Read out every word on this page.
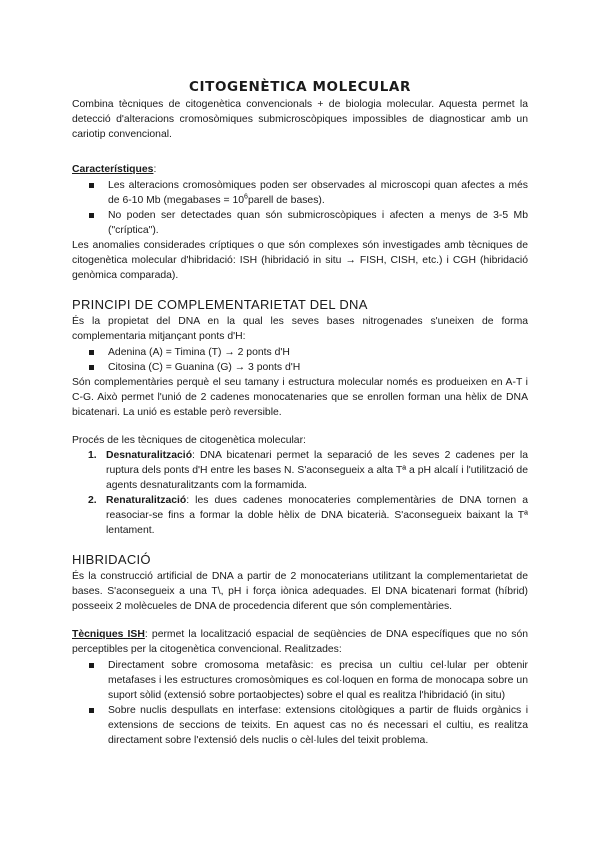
CITOGENÈTICA MOLECULAR

Combina tècniques de citogenètica convencionals + de biologia molecular. Aquesta permet la detecció d'alteracions cromosòmiques submicroscòpiques impossibles de diagnosticar amb un cariotip convencional.

Característiques:

Les alteracions cromosòmiques poden ser observades al microscopi quan afectes a més de 6-10 Mb (megabases = $10^6parell$ de bases).
No poden ser detectades quan són submicroscòpiques i afecten a menys de 3-5 Mb ("críptica").

Les anomalies considerades críptiques o que són complexes són investigades amb tècniques de citogenètica molecular d'hibridació: ISH (hibridació in situ → FISH, CISH, etc.) i CGH (hibridació genòmica comparada).

PRINCIPI DE COMPLEMENTARIETAT DEL DNA

És la propietat del DNA en la qual les seves bases nitrogenades s'uneixen de forma complementaria mitjançant ponts d'H:

Adenina (A) = Timina (T) → 2 ponts d'H
Citosina (C) = Guanina (G) → 3 ponts d'H

Són complementàries perquè el seu tamany i estructura molecular només es produeixen en A-T i C-G. Això permet l'unió de 2 cadenes monocatenaries que se enrollen forman una hèlix de DNA bicatenari. La unió es estable però reversible.

Procés de les tècniques de citogenètica molecular:

1. Desnaturalització: DNA bicatenari permet la separació de les seves 2 cadenes per la ruptura dels ponts d'H entre les bases N. S'aconsegueix a alta Tª a pH alcalí i l'utilització de agents desnaturalitzants com la formamida.
2. Renaturalització: les dues cadenes monocateries complementàries de DNA tornen a reasociar-se fins a formar la doble hèlix de DNA bicaterià. S'aconsegueix baixant la Tª lentament.
HIBRIDACIÓ

És la construcció artificial de DNA a partir de 2 monocaterians utilitzant la complementarietat de bases. S'aconsegueix a una T\, pH i força iònica adequades. El DNA bicatenari format (híbrid) posseeix 2 molècueles de DNA de procedencia diferent que són complementàries.

Tècniques ISH: permet la localització espacial de seqüències de DNA específiques que no són perceptibles per la citogenètica convencional. Realitzades:

Directament sobre cromosoma metafàsic: es precisa un cultiu cel·lular per obtenir metafases i les estructures cromosòmiques es col·loquen en forma de monocapa sobre un suport sòlid (extensió sobre portaobjectes) sobre el qual es realitza l'hibridació (in situ)
Sobre nuclis despullats en interfase: extensions citològiques a partir de fluids orgànics i extensions de seccions de teixits. En aquest cas no és necessari el cultiu, es realitza directament sobre l'extensió dels nuclis o cèl·lules del teixit problema.
